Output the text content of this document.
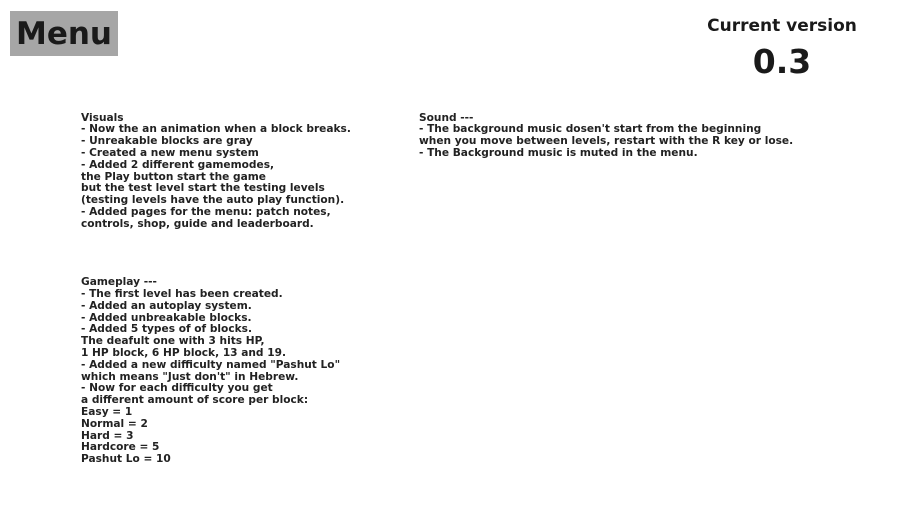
Menu	Current version
0.3

Visuals
- Now the an animation when a block breaks.
- Unreakable blocks are gray
- Created a new menu system
- Added 2 different gamemodes,
the Play button start the game
but the test level start the testing levels
(testing levels have the auto play function).
- Added pages for the menu: patch notes,
controls, shop, guide and leaderboard.

Gameplay ---
- The first level has been created.
- Added an autoplay system.
- Added unbreakable blocks.
- Added 5 types of of blocks.
The deafult one with 3 hits HP,
1 HP block, 6 HP block, 13 and 19.
- Added a new difficulty named "Pashut Lo"
which means "Just don't" in Hebrew.
- Now for each difficulty you get
a different amount of score per block:
Easy = 1
Normal = 2
Hard = 3
Hardcore = 5
Pashut Lo = 10

Sound ---
- The background music dosen't start from the beginning
when you move between levels, restart with the R key or lose.
- The Background music is muted in the menu.
